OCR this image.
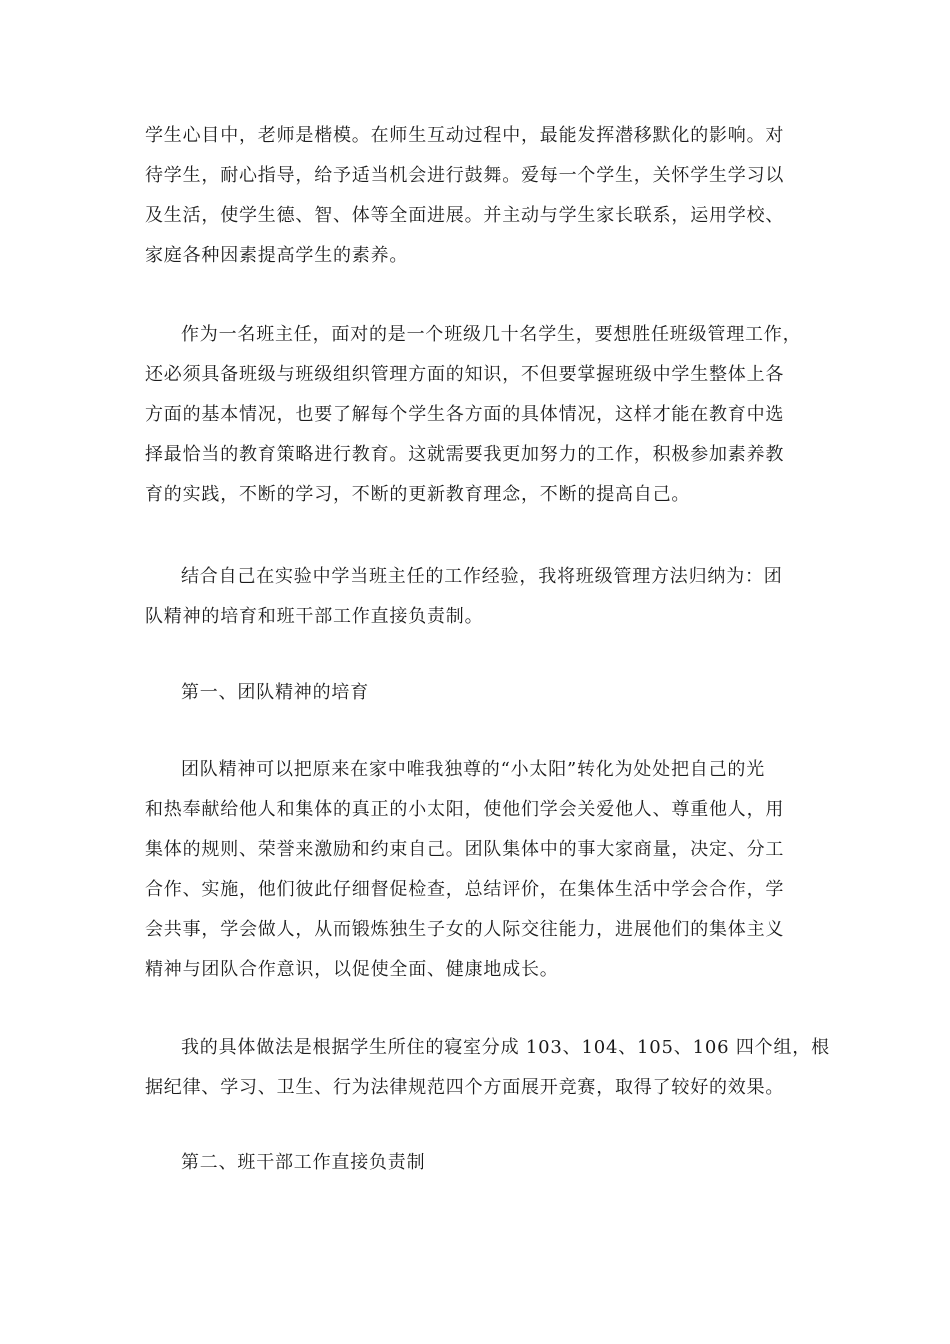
学生心目中，老师是楷模。在师生互动过程中，最能发挥潜移默化的影响。对
待学生，耐心指导，给予适当机会进行鼓舞。爱每一个学生，关怀学生学习以
及生活，使学生德、智、体等全面进展。并主动与学生家长联系，运用学校、
家庭各种因素提高学生的素养。
作为一名班主任，面对的是一个班级几十名学生，要想胜任班级管理工作，
还必须具备班级与班级组织管理方面的知识，不但要掌握班级中学生整体上各
方面的基本情况，也要了解每个学生各方面的具体情况，这样才能在教育中选
择最恰当的教育策略进行教育。这就需要我更加努力的工作，积极参加素养教
育的实践，不断的学习，不断的更新教育理念，不断的提高自己。
结合自己在实验中学当班主任的工作经验，我将班级管理方法归纳为：团
队精神的培育和班干部工作直接负责制。
第一、团队精神的培育
团队精神可以把原来在家中唯我独尊的“小太阳”转化为处处把自己的光
和热奉献给他人和集体的真正的小太阳，使他们学会关爱他人、尊重他人，用
集体的规则、荣誉来激励和约束自己。团队集体中的事大家商量，决定、分工
合作、实施，他们彼此仔细督促检查，总结评价，在集体生活中学会合作，学
会共事，学会做人，从而锻炼独生子女的人际交往能力，进展他们的集体主义
精神与团队合作意识，以促使全面、健康地成长。
我的具体做法是根据学生所住的寝室分成 103、104、105、106 四个组，根
据纪律、学习、卫生、行为法律规范四个方面展开竞赛，取得了较好的效果。
第二、班干部工作直接负责制
